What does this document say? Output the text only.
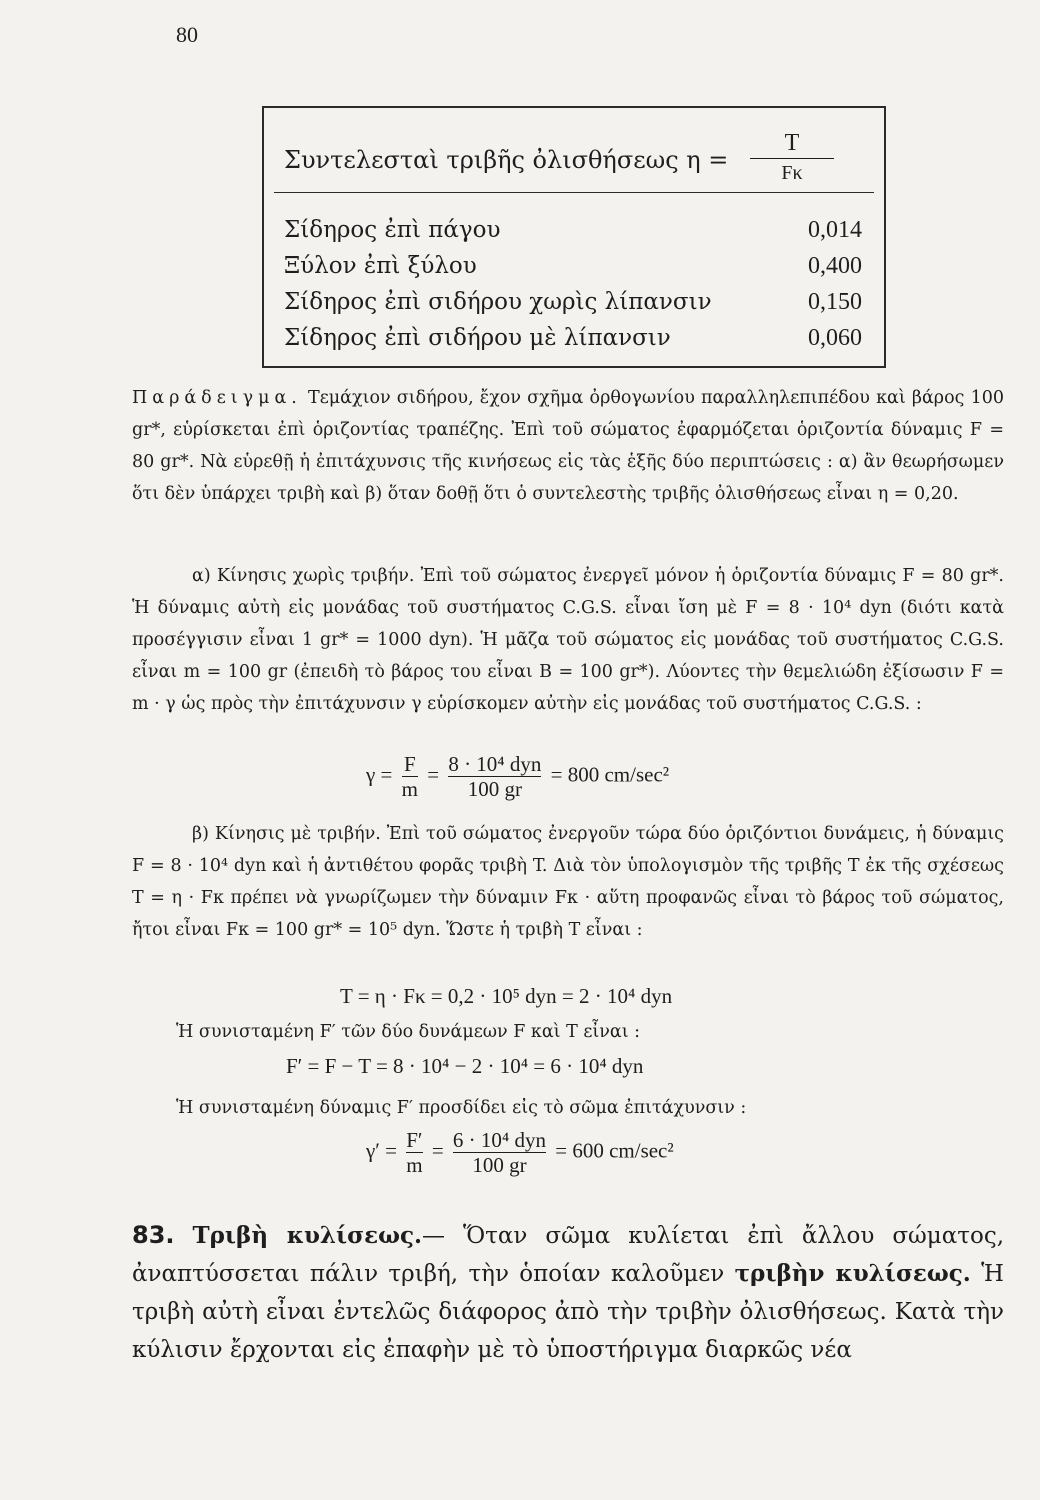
80
Συντελεσταὶ τριβῆς ὀλισθήσεως η =
T
Fκ
Σίδηρος ἐπὶ πάγου	0,014
Ξύλον ἐπὶ ξύλου	0,400
Σίδηρος ἐπὶ σιδήρου χωρὶς λίπανσιν	0,150
Σίδηρος ἐπὶ σιδήρου μὲ λίπανσιν	0,060

Παράδειγμα. Τεμάχιον σιδήρου, ἔχον σχῆμα ὀρθογωνίου παραλληλεπιπέδου καὶ βάρος 100 gr*, εὑρίσκεται ἐπὶ ὁριζοντίας τραπέζης. Ἐπὶ τοῦ σώματος ἐφαρμόζεται ὁριζοντία δύναμις F = 80 gr*. Νὰ εὑρεθῇ ἡ ἐπιτάχυνσις τῆς κινήσεως εἰς τὰς ἑξῆς δύο περιπτώσεις : α) ἂν θεωρήσωμεν ὅτι δὲν ὑπάρχει τριβὴ καὶ β) ὅταν δοθῇ ὅτι ὁ συντελεστὴς τριβῆς ὀλισθήσεως εἶναι η = 0,20.

α) Κίνησις χωρὶς τριβήν. Ἐπὶ τοῦ σώματος ἐνεργεῖ μόνον ἡ ὁριζοντία δύναμις F = 80 gr*. Ἡ δύναμις αὐτὴ εἰς μονάδας τοῦ συστήματος C.G.S. εἶναι ἴση μὲ F = 8 · 10⁴ dyn (διότι κατὰ προσέγγισιν εἶναι 1 gr* = 1000 dyn). Ἡ μᾶζα τοῦ σώματος εἰς μονάδας τοῦ συστήματος C.G.S. εἶναι m = 100 gr (ἐπειδὴ τὸ βάρος του εἶναι B = 100 gr*). Λύοντες τὴν θεμελιώδη ἐξίσωσιν F = m · γ ὡς πρὸς τὴν ἐπιτάχυνσιν γ εὑρίσκομεν αὐτὴν εἰς μονάδας τοῦ συστήματος C.G.S. :

$\gamma = \frac{F}{m} = 8 \cdot 10^4$ dyn
100 gr
= 800 cm/sec²

β) Κίνησις μὲ τριβήν. Ἐπὶ τοῦ σώματος ἐνεργοῦν τώρα δύο ὁριζόντιοι δυνάμεις, ἡ δύναμις F = 8 · 10⁴ dyn καὶ ἡ ἀντιθέτου φορᾶς τριβὴ T. Διὰ τὸν ὑπολογισμὸν τῆς τριβῆς T ἐκ τῆς σχέσεως T = η · Fκ πρέπει νὰ γνωρίζωμεν τὴν δύναμιν Fκ · αὕτη προφανῶς εἶναι τὸ βάρος τοῦ σώματος, ἤτοι εἶναι Fκ = 100 gr* = 10⁵ dyn. Ὥστε ἡ τριβὴ T εἶναι :

T = η · Fκ = 0,2 · 10⁵ dyn = 2 · 10⁴ dyn

Ἡ συνισταμένη F′ τῶν δύο δυνάμεων F καὶ T εἶναι :

F′ = F − T = 8 · 10⁴ − 2 · 10⁴ = 6 · 10⁴ dyn

Ἡ συνισταμένη δύναμις F′ προσδίδει εἰς τὸ σῶμα ἐπιτάχυνσιν :

$\gamma' = \frac{F'}{m} = 6 \cdot 10^4$ dyn
100 gr
= 600 cm/sec²

83. Τριβὴ κυλίσεως.— Ὅταν σῶμα κυλίεται ἐπὶ ἄλλου σώματος, ἀναπτύσσεται πάλιν τριβή, τὴν ὁποίαν καλοῦμεν τριβὴν κυλίσεως. Ἡ τριβὴ αὐτὴ εἶναι ἐντελῶς διάφορος ἀπὸ τὴν τριβὴν ὀλισθήσεως. Κατὰ τὴν κύλισιν ἔρχονται εἰς ἐπαφὴν μὲ τὸ ὑποστήριγμα διαρκῶς νέα
